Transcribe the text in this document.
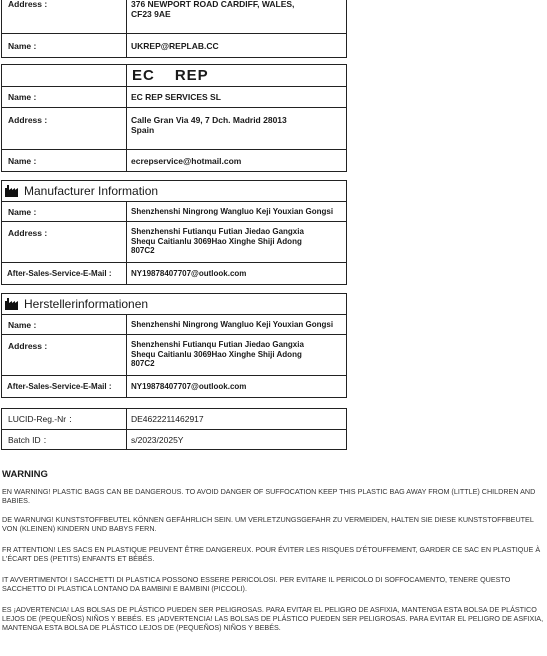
Address :	376 NEWPORT ROAD CARDIFF, WALES,
CF23 9AE
Name :	UKREP@REPLAB.CC
EC REP
Name :	EC REP SERVICES SL
Address :	Calle Gran Via 49, 7 Dch. Madrid 28013
Spain
Name :	ecrepservice@hotmail.com
Manufacturer Information
Name :	Shenzhenshi Ningrong Wangluo Keji Youxian Gongsi
Address :	Shenzhenshi Futianqu Futian Jiedao Gangxia
Shequ Caitianlu 3069Hao Xinghe Shiji Adong
807C2
After-Sales-Service-E-Mail :	NY19878407707@outlook.com
Herstellerinformationen
Name :	Shenzhenshi Ningrong Wangluo Keji Youxian Gongsi
Address :	Shenzhenshi Futianqu Futian Jiedao Gangxia
Shequ Caitianlu 3069Hao Xinghe Shiji Adong
807C2
After-Sales-Service-E-Mail :	NY19878407707@outlook.com
LUCID-Reg.-Nr ：	DE4622211462917
Batch ID ：	s/2023/2025Y
WARNING
EN WARNING! PLASTIC BAGS CAN BE DANGEROUS. TO AVOID DANGER OF SUFFOCATION KEEP THIS PLASTIC BAG AWAY FROM (LITTLE) CHILDREN AND BABIES.
DE WARNUNG! KUNSTSTOFFBEUTEL KÖNNEN GEFÄHRLICH SEIN. UM VERLETZUNGSGEFAHR ZU VERMEIDEN, HALTEN SIE DIESE KUNSTSTOFFBEUTEL VON (KLEINEN) KINDERN UND BABYS FERN.
FR ATTENTION! LES SACS EN PLASTIQUE PEUVENT ÊTRE DANGEREUX. POUR ÉVITER LES RISQUES D'ÉTOUFFEMENT, GARDER CE SAC EN PLASTIQUE À L'ÉCART DES (PETITS) ENFANTS ET BÉBÉS.
IT AVVERTIMENTO! I SACCHETTI DI PLASTICA POSSONO ESSERE PERICOLOSI. PER EVITARE IL PERICOLO DI SOFFOCAMENTO, TENERE QUESTO SACCHETTO DI PLASTICA LONTANO DA BAMBINI E BAMBINI (PICCOLI).
ES ¡ADVERTENCIA! LAS BOLSAS DE PLÁSTICO PUEDEN SER PELIGROSAS. PARA EVITAR EL PELIGRO DE ASFIXIA, MANTENGA ESTA BOLSA DE PLÁSTICO LEJOS DE (PEQUEÑOS) NIÑOS Y BEBÉS. ES ¡ADVERTENCIA! LAS BOLSAS DE PLÁSTICO PUEDEN SER PELIGROSAS. PARA EVITAR EL PELIGRO DE ASFIXIA, MANTENGA ESTA BOLSA DE PLÁSTICO LEJOS DE (PEQUEÑOS) NIÑOS Y BEBÉS.
